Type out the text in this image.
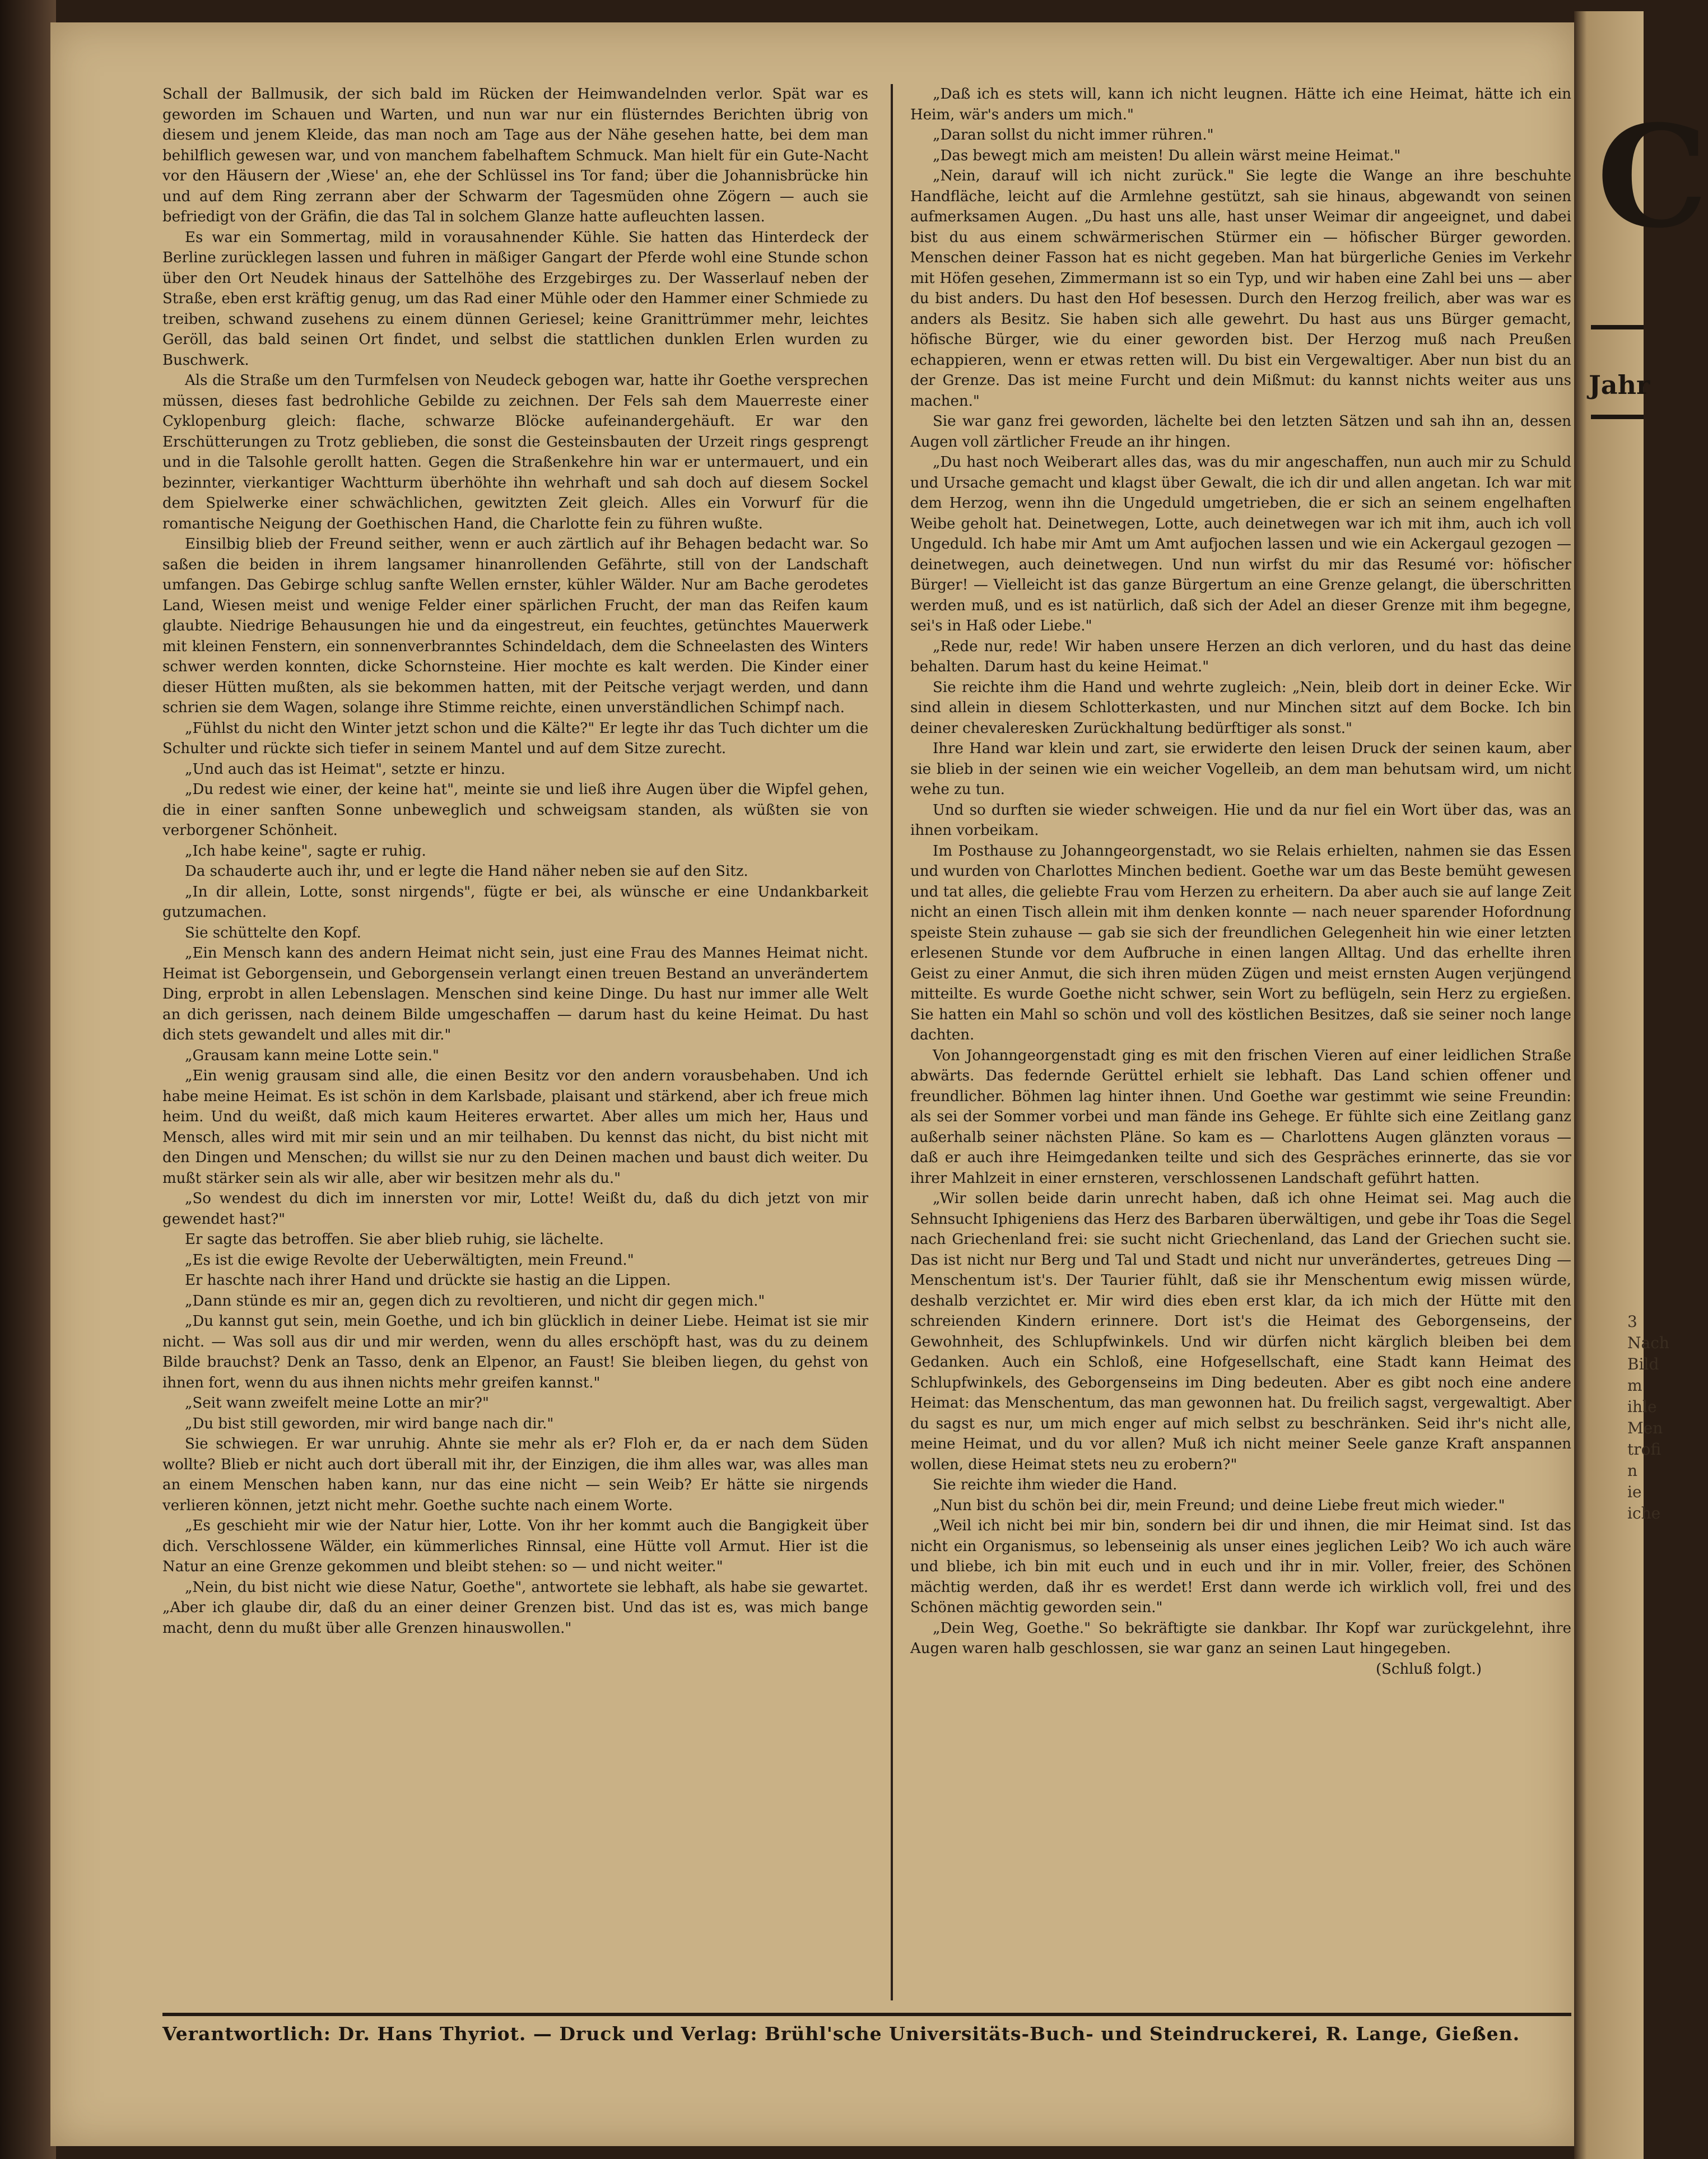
Schall der Ballmusik, der sich bald im Rücken der Heimwandelnden verlor. Spät war es geworden im Schauen und Warten, und nun war nur ein flüsterndes Berichten übrig von diesem und jenem Kleide, das man noch am Tage aus der Nähe gesehen hatte, bei dem man behilflich gewesen war, und von manchem fabelhaftem Schmuck. Man hielt für ein Gute-Nacht vor den Häusern der ‚Wiese' an, ehe der Schlüssel ins Tor fand; über die Johannisbrücke hin und auf dem Ring zerrann aber der Schwarm der Tagesmüden ohne Zögern — auch sie befriedigt von der Gräfin, die das Tal in solchem Glanze hatte aufleuchten lassen.

Es war ein Sommertag, mild in vorausahnender Kühle. Sie hatten das Hinterdeck der Berline zurücklegen lassen und fuhren in mäßiger Gangart der Pferde wohl eine Stunde schon über den Ort Neudek hinaus der Sattelhöhe des Erzgebirges zu. Der Wasserlauf neben der Straße, eben erst kräftig genug, um das Rad einer Mühle oder den Hammer einer Schmiede zu treiben, schwand zusehens zu einem dünnen Geriesel; keine Granittrümmer mehr, leichtes Geröll, das bald seinen Ort findet, und selbst die stattlichen dunklen Erlen wurden zu Buschwerk.

Als die Straße um den Turmfelsen von Neudeck gebogen war, hatte ihr Goethe versprechen müssen, dieses fast bedrohliche Gebilde zu zeichnen. Der Fels sah dem Mauerreste einer Cyklopenburg gleich: flache, schwarze Blöcke aufeinandergehäuft. Er war den Erschütterungen zu Trotz geblieben, die sonst die Gesteinsbauten der Urzeit rings gesprengt und in die Talsohle gerollt hatten. Gegen die Straßenkehre hin war er untermauert, und ein bezinnter, vierkantiger Wachtturm überhöhte ihn wehrhaft und sah doch auf diesem Sockel dem Spielwerke einer schwächlichen, gewitzten Zeit gleich. Alles ein Vorwurf für die romantische Neigung der Goethischen Hand, die Charlotte fein zu führen wußte.

Einsilbig blieb der Freund seither, wenn er auch zärtlich auf ihr Behagen bedacht war. So saßen die beiden in ihrem langsamer hinanrollenden Gefährte, still von der Landschaft umfangen. Das Gebirge schlug sanfte Wellen ernster, kühler Wälder. Nur am Bache gerodetes Land, Wiesen meist und wenige Felder einer spärlichen Frucht, der man das Reifen kaum glaubte. Niedrige Behausungen hie und da eingestreut, ein feuchtes, getünchtes Mauerwerk mit kleinen Fenstern, ein sonnenverbranntes Schindeldach, dem die Schneelasten des Winters schwer werden konnten, dicke Schornsteine. Hier mochte es kalt werden. Die Kinder einer dieser Hütten mußten, als sie bekommen hatten, mit der Peitsche verjagt werden, und dann schrien sie dem Wagen, solange ihre Stimme reichte, einen unverständlichen Schimpf nach.

„Fühlst du nicht den Winter jetzt schon und die Kälte?" Er legte ihr das Tuch dichter um die Schulter und rückte sich tiefer in seinem Mantel und auf dem Sitze zurecht.

„Und auch das ist Heimat", setzte er hinzu.

„Du redest wie einer, der keine hat", meinte sie und ließ ihre Augen über die Wipfel gehen, die in einer sanften Sonne unbeweglich und schweigsam standen, als wüßten sie von verborgener Schönheit.

„Ich habe keine", sagte er ruhig.

Da schauderte auch ihr, und er legte die Hand näher neben sie auf den Sitz.

„In dir allein, Lotte, sonst nirgends", fügte er bei, als wünsche er eine Undankbarkeit gutzumachen.

Sie schüttelte den Kopf.

„Ein Mensch kann des andern Heimat nicht sein, just eine Frau des Mannes Heimat nicht. Heimat ist Geborgensein, und Geborgensein verlangt einen treuen Bestand an unverändertem Ding, erprobt in allen Lebenslagen. Menschen sind keine Dinge. Du hast nur immer alle Welt an dich gerissen, nach deinem Bilde umgeschaffen — darum hast du keine Heimat. Du hast dich stets gewandelt und alles mit dir."

„Grausam kann meine Lotte sein."

„Ein wenig grausam sind alle, die einen Besitz vor den andern vorausbehaben. Und ich habe meine Heimat. Es ist schön in dem Karlsbade, plaisant und stärkend, aber ich freue mich heim. Und du weißt, daß mich kaum Heiteres erwartet. Aber alles um mich her, Haus und Mensch, alles wird mit mir sein und an mir teilhaben. Du kennst das nicht, du bist nicht mit den Dingen und Menschen; du willst sie nur zu den Deinen machen und baust dich weiter. Du mußt stärker sein als wir alle, aber wir besitzen mehr als du."

„So wendest du dich im innersten vor mir, Lotte! Weißt du, daß du dich jetzt von mir gewendet hast?"

Er sagte das betroffen. Sie aber blieb ruhig, sie lächelte.

„Es ist die ewige Revolte der Ueberwältigten, mein Freund."

Er haschte nach ihrer Hand und drückte sie hastig an die Lippen.

„Dann stünde es mir an, gegen dich zu revoltieren, und nicht dir gegen mich."

„Du kannst gut sein, mein Goethe, und ich bin glücklich in deiner Liebe. Heimat ist sie mir nicht. — Was soll aus dir und mir werden, wenn du alles erschöpft hast, was du zu deinem Bilde brauchst? Denk an Tasso, denk an Elpenor, an Faust! Sie bleiben liegen, du gehst von ihnen fort, wenn du aus ihnen nichts mehr greifen kannst."

„Seit wann zweifelt meine Lotte an mir?"

„Du bist still geworden, mir wird bange nach dir."

Sie schwiegen. Er war unruhig. Ahnte sie mehr als er? Floh er, da er nach dem Süden wollte? Blieb er nicht auch dort überall mit ihr, der Einzigen, die ihm alles war, was alles man an einem Menschen haben kann, nur das eine nicht — sein Weib? Er hätte sie nirgends verlieren können, jetzt nicht mehr. Goethe suchte nach einem Worte.

„Es geschieht mir wie der Natur hier, Lotte. Von ihr her kommt auch die Bangigkeit über dich. Verschlossene Wälder, ein kümmerliches Rinnsal, eine Hütte voll Armut. Hier ist die Natur an eine Grenze gekommen und bleibt stehen: so — und nicht weiter."

„Nein, du bist nicht wie diese Natur, Goethe", antwortete sie lebhaft, als habe sie gewartet. „Aber ich glaube dir, daß du an einer deiner Grenzen bist. Und das ist es, was mich bange macht, denn du mußt über alle Grenzen hinauswollen."

„Daß ich es stets will, kann ich nicht leugnen. Hätte ich eine Heimat, hätte ich ein Heim, wär's anders um mich."

„Daran sollst du nicht immer rühren."

„Das bewegt mich am meisten! Du allein wärst meine Heimat."

„Nein, darauf will ich nicht zurück." Sie legte die Wange an ihre beschuhte Handfläche, leicht auf die Armlehne gestützt, sah sie hinaus, abgewandt von seinen aufmerksamen Augen. „Du hast uns alle, hast unser Weimar dir angeeignet, und dabei bist du aus einem schwärmerischen Stürmer ein — höfischer Bürger geworden. Menschen deiner Fasson hat es nicht gegeben. Man hat bürgerliche Genies im Verkehr mit Höfen gesehen, Zimmermann ist so ein Typ, und wir haben eine Zahl bei uns — aber du bist anders. Du hast den Hof besessen. Durch den Herzog freilich, aber was war es anders als Besitz. Sie haben sich alle gewehrt. Du hast aus uns Bürger gemacht, höfische Bürger, wie du einer geworden bist. Der Herzog muß nach Preußen echappieren, wenn er etwas retten will. Du bist ein Vergewaltiger. Aber nun bist du an der Grenze. Das ist meine Furcht und dein Mißmut: du kannst nichts weiter aus uns machen."

Sie war ganz frei geworden, lächelte bei den letzten Sätzen und sah ihn an, dessen Augen voll zärtlicher Freude an ihr hingen.

„Du hast noch Weiberart alles das, was du mir angeschaffen, nun auch mir zu Schuld und Ursache gemacht und klagst über Gewalt, die ich dir und allen angetan. Ich war mit dem Herzog, wenn ihn die Ungeduld umgetrieben, die er sich an seinem engelhaften Weibe geholt hat. Deinetwegen, Lotte, auch deinetwegen war ich mit ihm, auch ich voll Ungeduld. Ich habe mir Amt um Amt aufjochen lassen und wie ein Ackergaul gezogen — deinetwegen, auch deinetwegen. Und nun wirfst du mir das Resumé vor: höfischer Bürger! — Vielleicht ist das ganze Bürgertum an eine Grenze gelangt, die überschritten werden muß, und es ist natürlich, daß sich der Adel an dieser Grenze mit ihm begegne, sei's in Haß oder Liebe."

„Rede nur, rede! Wir haben unsere Herzen an dich verloren, und du hast das deine behalten. Darum hast du keine Heimat."

Sie reichte ihm die Hand und wehrte zugleich: „Nein, bleib dort in deiner Ecke. Wir sind allein in diesem Schlotterkasten, und nur Minchen sitzt auf dem Bocke. Ich bin deiner chevaleresken Zurückhaltung bedürftiger als sonst."

Ihre Hand war klein und zart, sie erwiderte den leisen Druck der seinen kaum, aber sie blieb in der seinen wie ein weicher Vogelleib, an dem man behutsam wird, um nicht wehe zu tun.

Und so durften sie wieder schweigen. Hie und da nur fiel ein Wort über das, was an ihnen vorbeikam.

Im Posthause zu Johanngeorgenstadt, wo sie Relais erhielten, nahmen sie das Essen und wurden von Charlottes Minchen bedient. Goethe war um das Beste bemüht gewesen und tat alles, die geliebte Frau vom Herzen zu erheitern. Da aber auch sie auf lange Zeit nicht an einen Tisch allein mit ihm denken konnte — nach neuer sparender Hofordnung speiste Stein zuhause — gab sie sich der freundlichen Gelegenheit hin wie einer letzten erlesenen Stunde vor dem Aufbruche in einen langen Alltag. Und das erhellte ihren Geist zu einer Anmut, die sich ihren müden Zügen und meist ernsten Augen verjüngend mitteilte. Es wurde Goethe nicht schwer, sein Wort zu beflügeln, sein Herz zu ergießen. Sie hatten ein Mahl so schön und voll des köstlichen Besitzes, daß sie seiner noch lange dachten.

Von Johanngeorgenstadt ging es mit den frischen Vieren auf einer leidlichen Straße abwärts. Das federnde Gerüttel erhielt sie lebhaft. Das Land schien offener und freundlicher. Böhmen lag hinter ihnen. Und Goethe war gestimmt wie seine Freundin: als sei der Sommer vorbei und man fände ins Gehege. Er fühlte sich eine Zeitlang ganz außerhalb seiner nächsten Pläne. So kam es — Charlottens Augen glänzten voraus — daß er auch ihre Heimgedanken teilte und sich des Gespräches erinnerte, das sie vor ihrer Mahlzeit in einer ernsteren, verschlossenen Landschaft geführt hatten.

„Wir sollen beide darin unrecht haben, daß ich ohne Heimat sei. Mag auch die Sehnsucht Iphigeniens das Herz des Barbaren überwältigen, und gebe ihr Toas die Segel nach Griechenland frei: sie sucht nicht Griechenland, das Land der Griechen sucht sie. Das ist nicht nur Berg und Tal und Stadt und nicht nur unverändertes, getreues Ding — Menschentum ist's. Der Taurier fühlt, daß sie ihr Menschentum ewig missen würde, deshalb verzichtet er. Mir wird dies eben erst klar, da ich mich der Hütte mit den schreienden Kindern erinnere. Dort ist's die Heimat des Geborgenseins, der Gewohnheit, des Schlupfwinkels. Und wir dürfen nicht kärglich bleiben bei dem Gedanken. Auch ein Schloß, eine Hofgesellschaft, eine Stadt kann Heimat des Schlupfwinkels, des Geborgenseins im Ding bedeuten. Aber es gibt noch eine andere Heimat: das Menschentum, das man gewonnen hat. Du freilich sagst, vergewaltigt. Aber du sagst es nur, um mich enger auf mich selbst zu beschränken. Seid ihr's nicht alle, meine Heimat, und du vor allen? Muß ich nicht meiner Seele ganze Kraft anspannen wollen, diese Heimat stets neu zu erobern?"

Sie reichte ihm wieder die Hand.

„Nun bist du schön bei dir, mein Freund; und deine Liebe freut mich wieder."

„Weil ich nicht bei mir bin, sondern bei dir und ihnen, die mir Heimat sind. Ist das nicht ein Organismus, so lebenseinig als unser eines jeglichen Leib? Wo ich auch wäre und bliebe, ich bin mit euch und in euch und ihr in mir. Voller, freier, des Schönen mächtig werden, daß ihr es werdet! Erst dann werde ich wirklich voll, frei und des Schönen mächtig geworden sein."

„Dein Weg, Goethe." So bekräftigte sie dankbar. Ihr Kopf war zurückgelehnt, ihre Augen waren halb geschlossen, sie war ganz an seinen Laut hingegeben.

(Schluß folgt.)

Verantwortlich: Dr. Hans Thyriot. — Druck und Verlag: Brühl'sche Universitäts-Buch- und Steindruckerei, R. Lange, Gießen.
C
Jahr
3
Nach
Bild
m
ihle
Men
trofi
n
ie
iche
